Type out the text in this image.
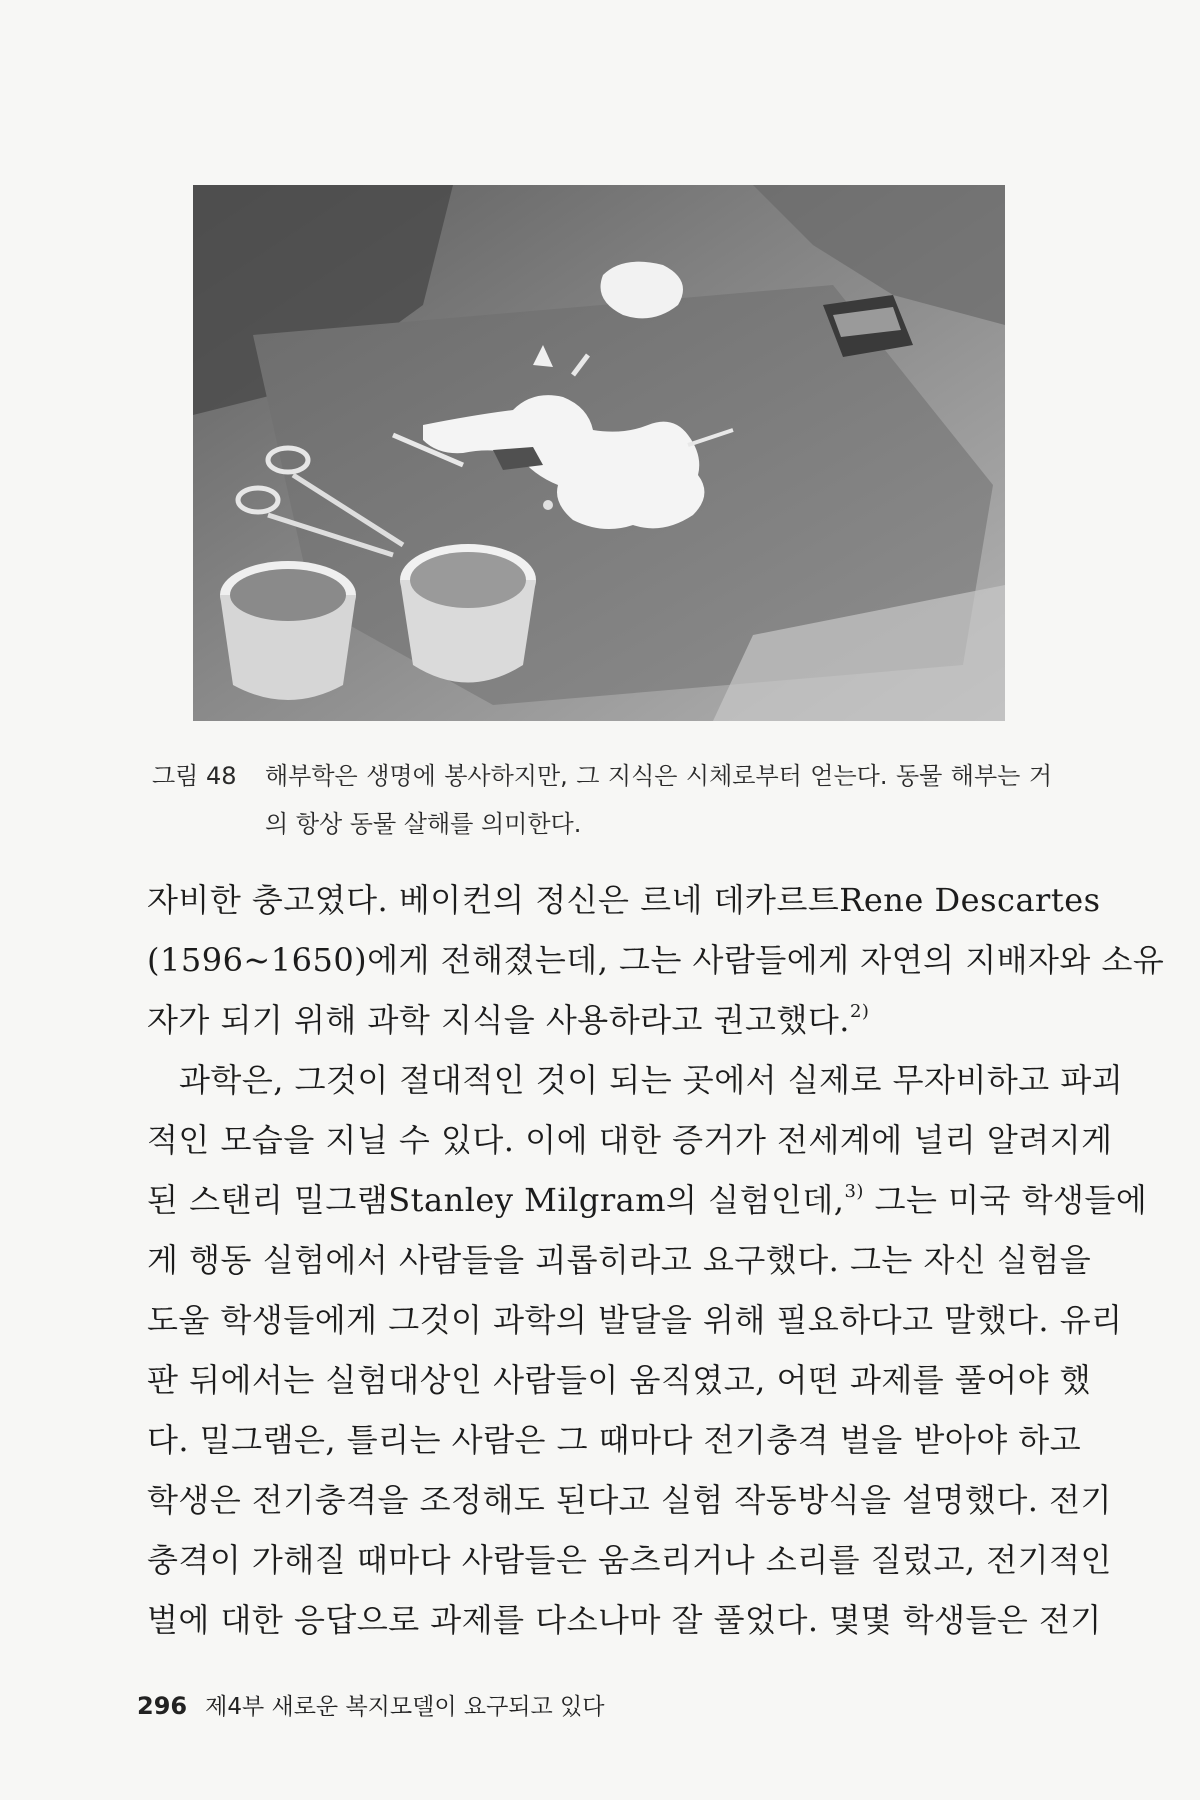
그림 48	해부학은 생명에 봉사하지만, 그 지식은 시체로부터 얻는다. 동물 해부는 거의 항상 동물 살해를 의미한다.
자비한 충고였다. 베이컨의 정신은 르네 데카르트Rene Descartes
(1596~1650)에게 전해졌는데, 그는 사람들에게 자연의 지배자와 소유
자가 되기 위해 과학 지식을 사용하라고 권고했다.$^{2)}$
과학은, 그것이 절대적인 것이 되는 곳에서 실제로 무자비하고 파괴
적인 모습을 지닐 수 있다. 이에 대한 증거가 전세계에 널리 알려지게
된 스탠리 밀그램Stanley Milgram의 실험인데,$^{3)}$ 그는 미국 학생들에
게 행동 실험에서 사람들을 괴롭히라고 요구했다. 그는 자신 실험을
도울 학생들에게 그것이 과학의 발달을 위해 필요하다고 말했다. 유리
판 뒤에서는 실험대상인 사람들이 움직였고, 어떤 과제를 풀어야 했
다. 밀그램은, 틀리는 사람은 그 때마다 전기충격 벌을 받아야 하고
학생은 전기충격을 조정해도 된다고 실험 작동방식을 설명했다. 전기
충격이 가해질 때마다 사람들은 움츠리거나 소리를 질렀고, 전기적인
벌에 대한 응답으로 과제를 다소나마 잘 풀었다. 몇몇 학생들은 전기
296 제4부 새로운 복지모델이 요구되고 있다
